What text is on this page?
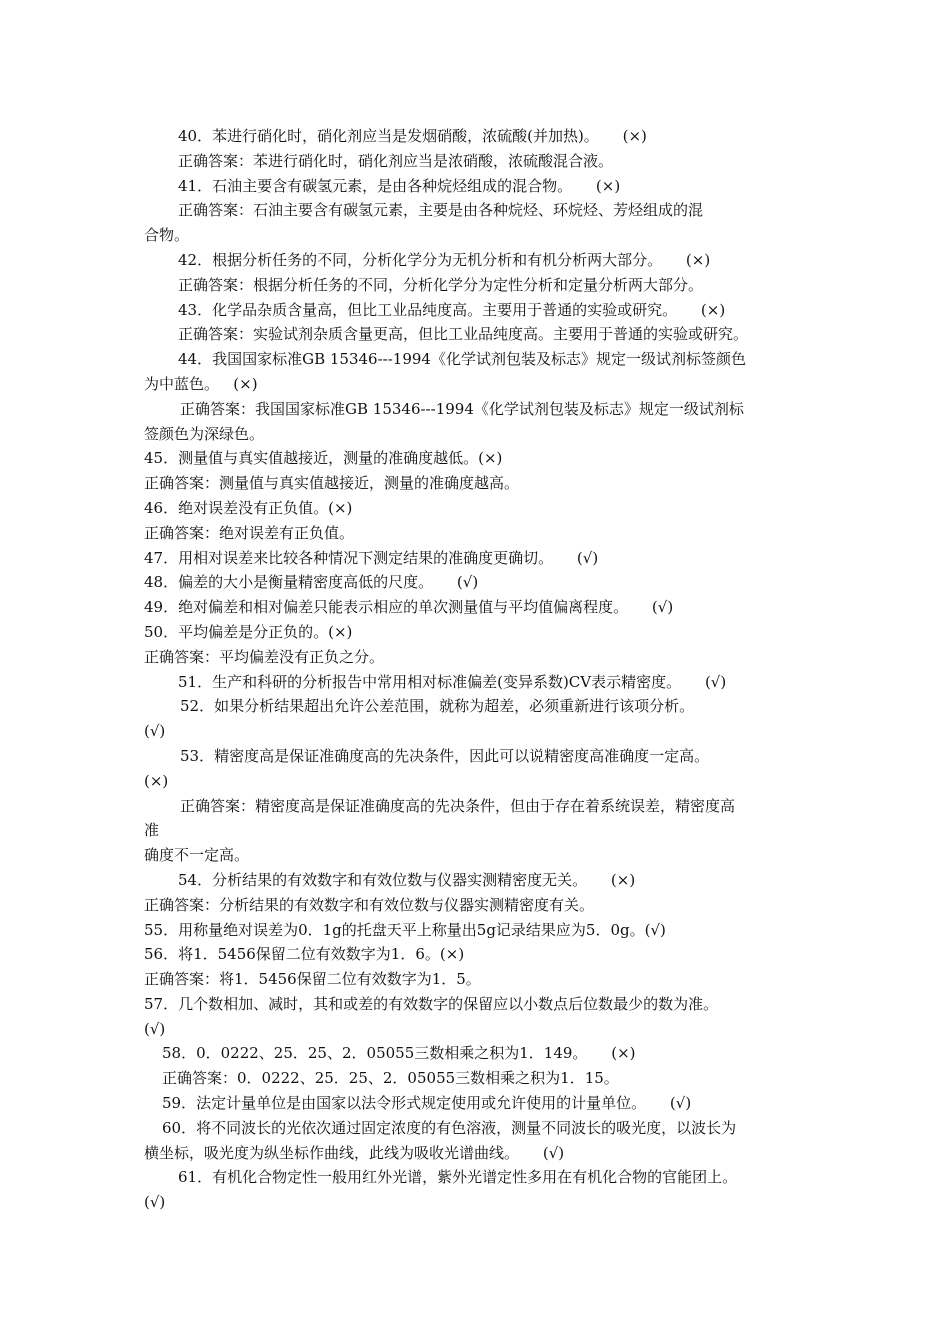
40．苯进行硝化时，硝化剂应当是发烟硝酸，浓硫酸(并加热)。     (×)
正确答案：苯进行硝化时，硝化剂应当是浓硝酸，浓硫酸混合液。
41．石油主要含有碳氢元素，是由各种烷烃组成的混合物。     (×)
正确答案：石油主要含有碳氢元素，主要是由各种烷烃、环烷烃、芳烃组成的混
合物。
42．根据分析任务的不同，分析化学分为无机分析和有机分析两大部分。     (×)
正确答案：根据分析任务的不同，分析化学分为定性分析和定量分析两大部分。
43．化学品杂质含量高，但比工业品纯度高。主要用于普通的实验或研究。     (×)
正确答案：实验试剂杂质含量更高，但比工业品纯度高。主要用于普通的实验或研究。
44．我国国家标准GB 15346---1994《化学试剂包装及标志》规定一级试剂标签颜色
为中蓝色。   (×)
正确答案：我国国家标准GB 15346---1994《化学试剂包装及标志》规定一级试剂标
签颜色为深绿色。
45．测量值与真实值越接近，测量的准确度越低。(×)
正确答案：测量值与真实值越接近，测量的准确度越高。
46．绝对误差没有正负值。(×)
正确答案：绝对误差有正负值。
47．用相对误差来比较各种情况下测定结果的准确度更确切。     (√)
48．偏差的大小是衡量精密度高低的尺度。     (√)
49．绝对偏差和相对偏差只能表示相应的单次测量值与平均值偏离程度。     (√)
50．平均偏差是分正负的。(×)
正确答案：平均偏差没有正负之分。
51．生产和科研的分析报告中常用相对标准偏差(变异系数)CV表示精密度。     (√)
52．如果分析结果超出允许公差范围，就称为超差，必须重新进行该项分析。
(√)
53．精密度高是保证准确度高的先决条件，因此可以说精密度高准确度一定高。
(×)
正确答案：精密度高是保证准确度高的先决条件，但由于存在着系统误差，精密度高
准
确度不一定高。
54．分析结果的有效数字和有效位数与仪器实测精密度无关。     (×)
正确答案：分析结果的有效数字和有效位数与仪器实测精密度有关。
55．用称量绝对误差为0．1g的托盘天平上称量出5g记录结果应为5．0g。(√)
56．将1．5456保留二位有效数字为1．6。(×)
正确答案：将1．5456保留二位有效数字为1．5。
57．几个数相加、减时，其和或差的有效数字的保留应以小数点后位数最少的数为准。
(√)
58．0．0222、25．25、2．05055三数相乘之积为1．149。     (×)
正确答案：0．0222、25．25、2．05055三数相乘之积为1．15。
59．法定计量单位是由国家以法令形式规定使用或允许使用的计量单位。     (√)
60．将不同波长的光依次通过固定浓度的有色溶液，测量不同波长的吸光度，以波长为
横坐标，吸光度为纵坐标作曲线，此线为吸收光谱曲线。     (√)
61．有机化合物定性一般用红外光谱，紫外光谱定性多用在有机化合物的官能团上。
(√)
